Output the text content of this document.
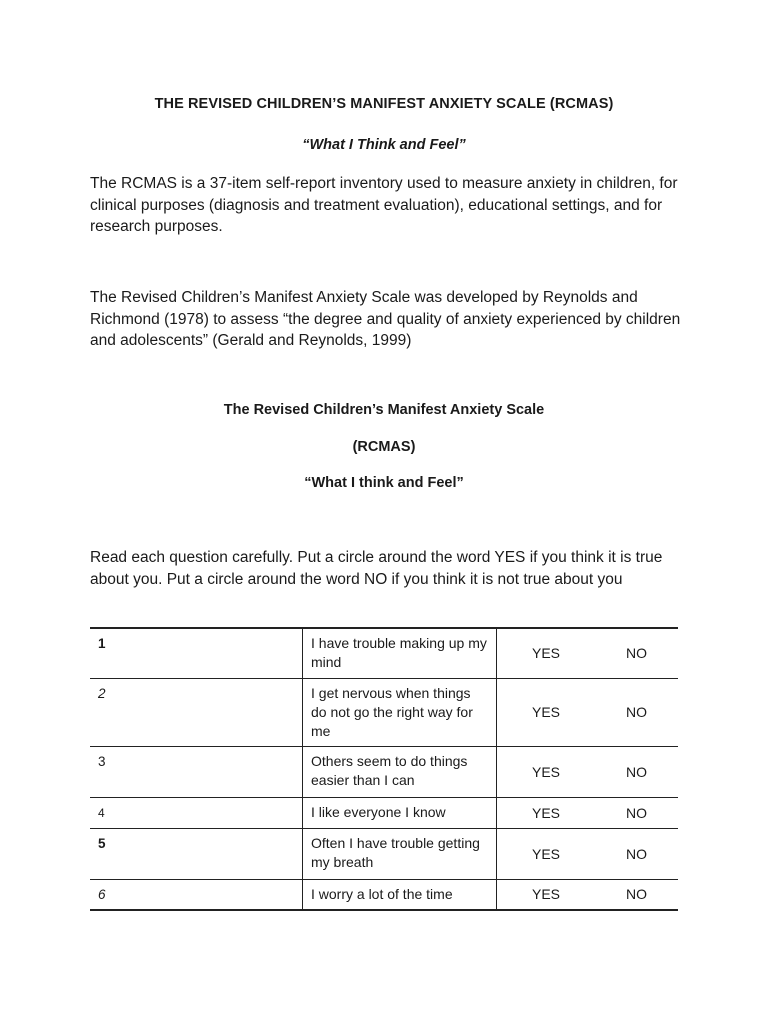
THE REVISED CHILDREN’S MANIFEST ANXIETY SCALE (RCMAS)
“What I Think and Feel”

The RCMAS is a 37-item self-report inventory used to measure anxiety in children, for clinical purposes (diagnosis and treatment evaluation), educational settings, and for research purposes.

The Revised Children’s Manifest Anxiety Scale was developed by Reynolds and Richmond (1978) to assess “the degree and quality of anxiety experienced by children and adolescents” (Gerald and Reynolds, 1999)

The Revised Children’s Manifest Anxiety Scale
(RCMAS)
“What I think and Feel”

Read each question carefully. Put a circle around the word YES if you think it is true about you. Put a circle around the word NO if you think it is not true about you

1	I have trouble making up my mind	YES	NO
2	I get nervous when things do not go the right way for me	YES	NO
3	Others seem to do things easier than I can	YES	NO
4	I like everyone I know	YES	NO
5	Often I have trouble getting my breath	YES	NO
6	I worry a lot of the time	YES	NO
